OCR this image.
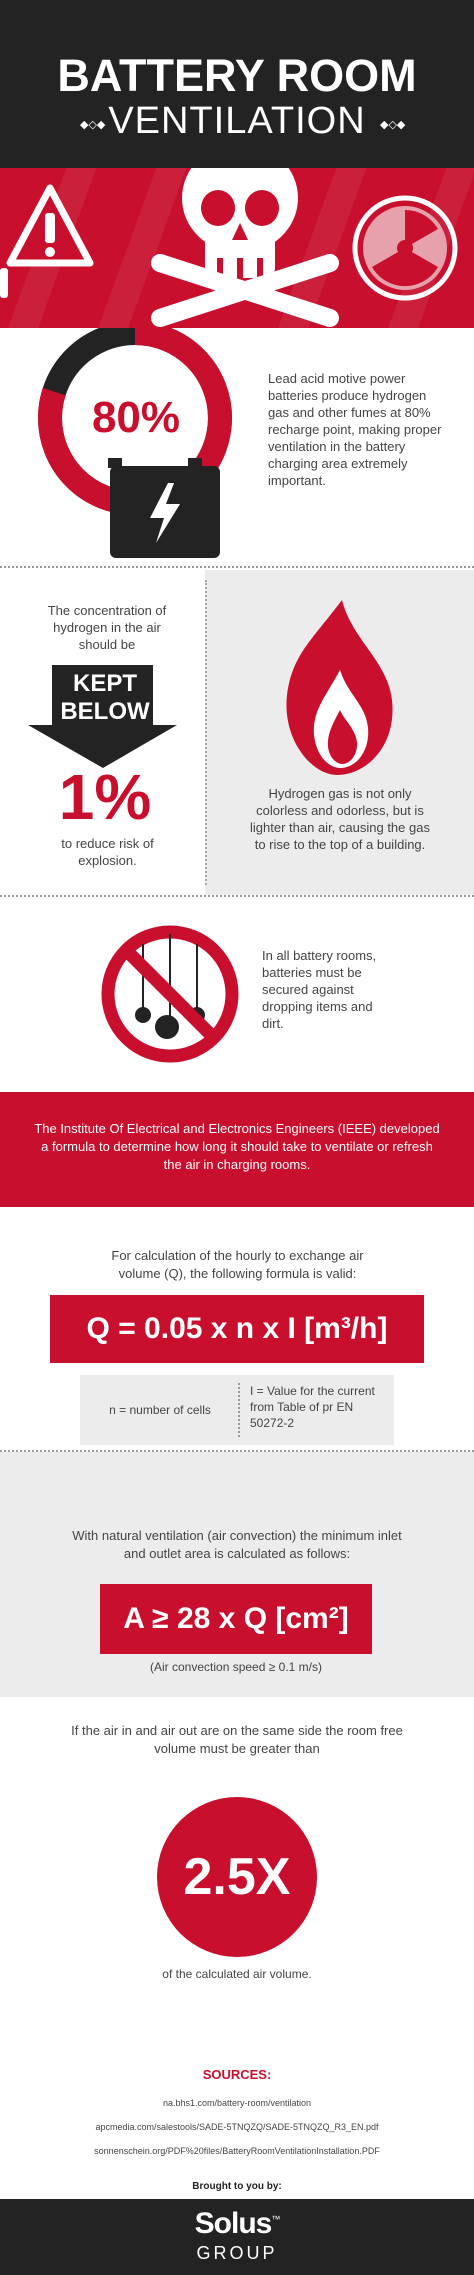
BATTERY ROOM
◆◇◆ VENTILATION	◆◇◆
80%
Lead acid motive power batteries produce hydrogen gas and other fumes at 80% recharge point, making proper ventilation in the battery charging area extremely important.
The concentration of hydrogen in the air should be
KEPT BELOW
1%
to reduce risk of explosion.
Hydrogen gas is not only colorless and odorless, but is lighter than air, causing the gas to rise to the top of a building.
In all battery rooms, batteries must be secured against dropping items and dirt.
The Institute Of Electrical and Electronics Engineers (IEEE) developed a formula to determine how long it should take to ventilate or refresh the air in charging rooms.
For calculation of the hourly to exchange air volume (Q), the following formula is valid:
Q = 0.05 x n x I [m³/h]
n = number of cells
I = Value for the current from Table of pr EN 50272-2
With natural ventilation (air convection) the minimum inlet and outlet area is calculated as follows:
A ≥ 28 x Q [cm²]
(Air convection speed ≥ 0.1 m/s)
If the air in and air out are on the same side the room free volume must be greater than
2.5X
of the calculated air volume.
SOURCES:
na.bhs1.com/battery-room/ventilation
apcmedia.com/salestools/SADE-5TNQZQ/SADE-5TNQZQ_R3_EN.pdf
sonnenschein.org/PDF%20files/BatteryRoomVentilationInstallation.PDF
Brought to you by:
Solus™
GROUP
